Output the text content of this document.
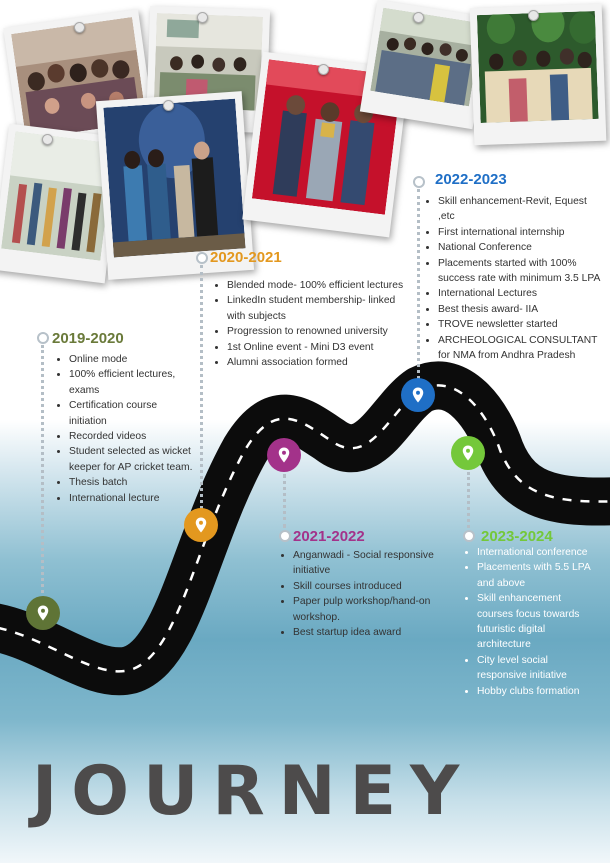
2019-2020
• Online mode
• 100% efficient lectures, exams
• Certification course initiation
• Recorded videos
• Student selected as wicket keeper for AP cricket team.
• Thesis batch
• International lecture
2020-2021
• Blended mode- 100% efficient lectures
• LinkedIn student membership- linked with subjects
• Progression to renowned university
• 1st Online event - Mini D3 event
• Alumni association formed
2021-2022
• Anganwadi - Social responsive initiative
• Skill courses introduced
• Paper pulp workshop/hand-on workshop.
• Best startup idea award
2022-2023
• Skill enhancement-Revit, Equest ,etc
• First international internship
• National Conference
• Placements started with 100% success rate with minimum 3.5 LPA
• International Lectures
• Best thesis award- IIA
• TROVE newsletter started
• ARCHEOLOGICAL CONSULTANT for NMA from Andhra Pradesh
2023-2024
• International conference
• Placements with 5.5 LPA and above
• Skill enhancement courses focus towards futuristic digital architecture
• City level social responsive initiative
• Hobby clubs formation
JOURNEY
